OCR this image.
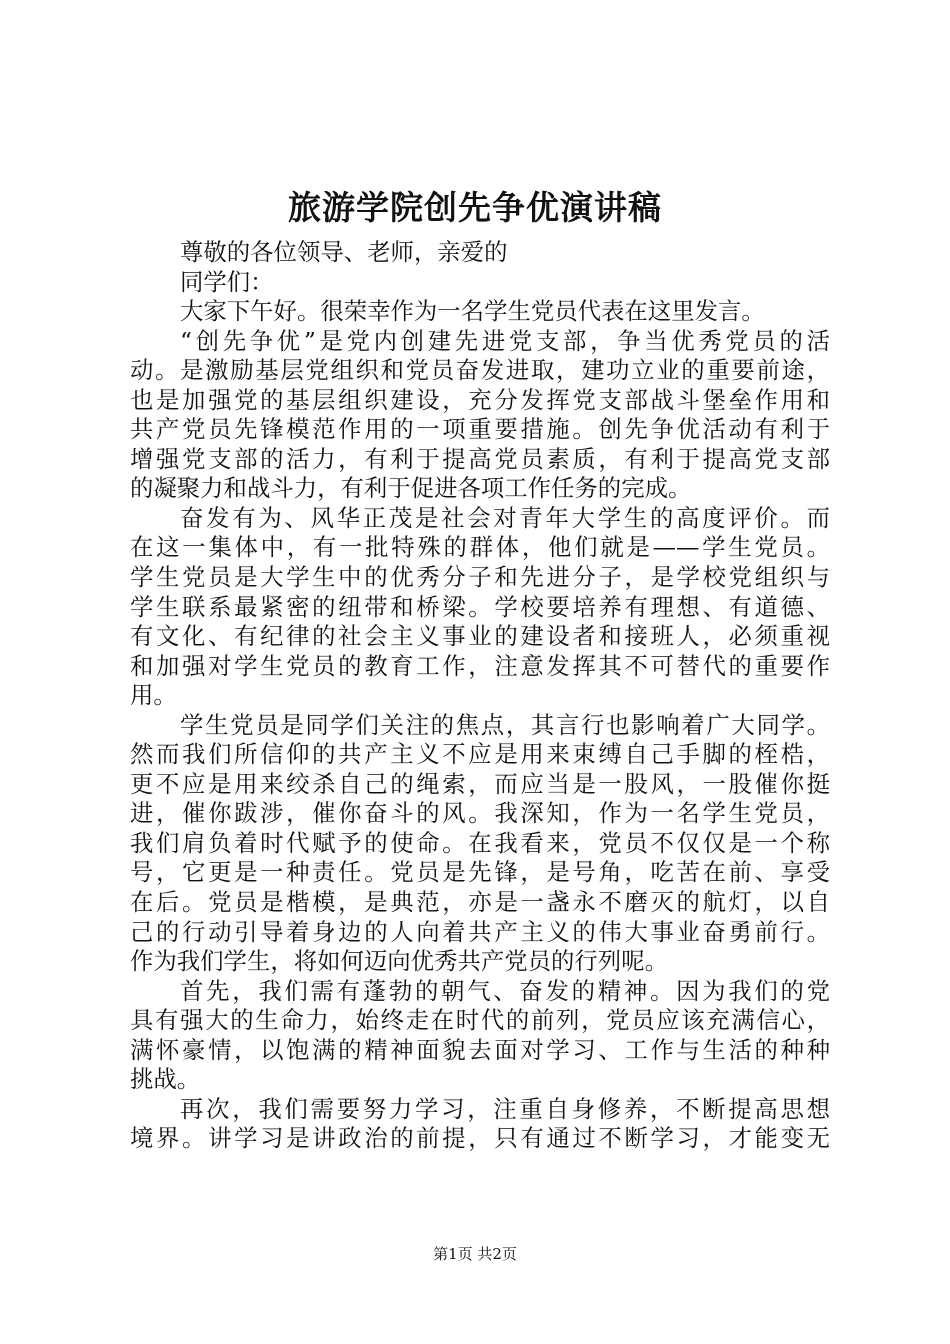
旅游学院创先争优演讲稿
尊敬的各位领导、老师，亲爱的
同学们：
大家下午好。很荣幸作为一名学生党员代表在这里发言。
“创先争优”是党内创建先进党支部，争当优秀党员的活
动。是激励基层党组织和党员奋发进取，建功立业的重要前途，
也是加强党的基层组织建设，充分发挥党支部战斗堡垒作用和
共产党员先锋模范作用的一项重要措施。创先争优活动有利于
增强党支部的活力，有利于提高党员素质，有利于提高党支部
的凝聚力和战斗力，有利于促进各项工作任务的完成。
奋发有为、风华正茂是社会对青年大学生的高度评价。而
在这一集体中，有一批特殊的群体，他们就是——学生党员。
学生党员是大学生中的优秀分子和先进分子，是学校党组织与
学生联系最紧密的纽带和桥梁。学校要培养有理想、有道德、
有文化、有纪律的社会主义事业的建设者和接班人，必须重视
和加强对学生党员的教育工作，注意发挥其不可替代的重要作
用。
学生党员是同学们关注的焦点，其言行也影响着广大同学。
然而我们所信仰的共产主义不应是用来束缚自己手脚的桎梏，
更不应是用来绞杀自己的绳索，而应当是一股风，一股催你挺
进，催你跋涉，催你奋斗的风。我深知，作为一名学生党员，
我们肩负着时代赋予的使命。在我看来，党员不仅仅是一个称
号，它更是一种责任。党员是先锋，是号角，吃苦在前、享受
在后。党员是楷模，是典范，亦是一盏永不磨灭的航灯，以自
己的行动引导着身边的人向着共产主义的伟大事业奋勇前行。
作为我们学生，将如何迈向优秀共产党员的行列呢。
首先，我们需有蓬勃的朝气、奋发的精神。因为我们的党
具有强大的生命力，始终走在时代的前列，党员应该充满信心，
满怀豪情，以饱满的精神面貌去面对学习、工作与生活的种种
挑战。
再次，我们需要努力学习，注重自身修养，不断提高思想
境界。讲学习是讲政治的前提，只有通过不断学习，才能变无
第1页 共2页
